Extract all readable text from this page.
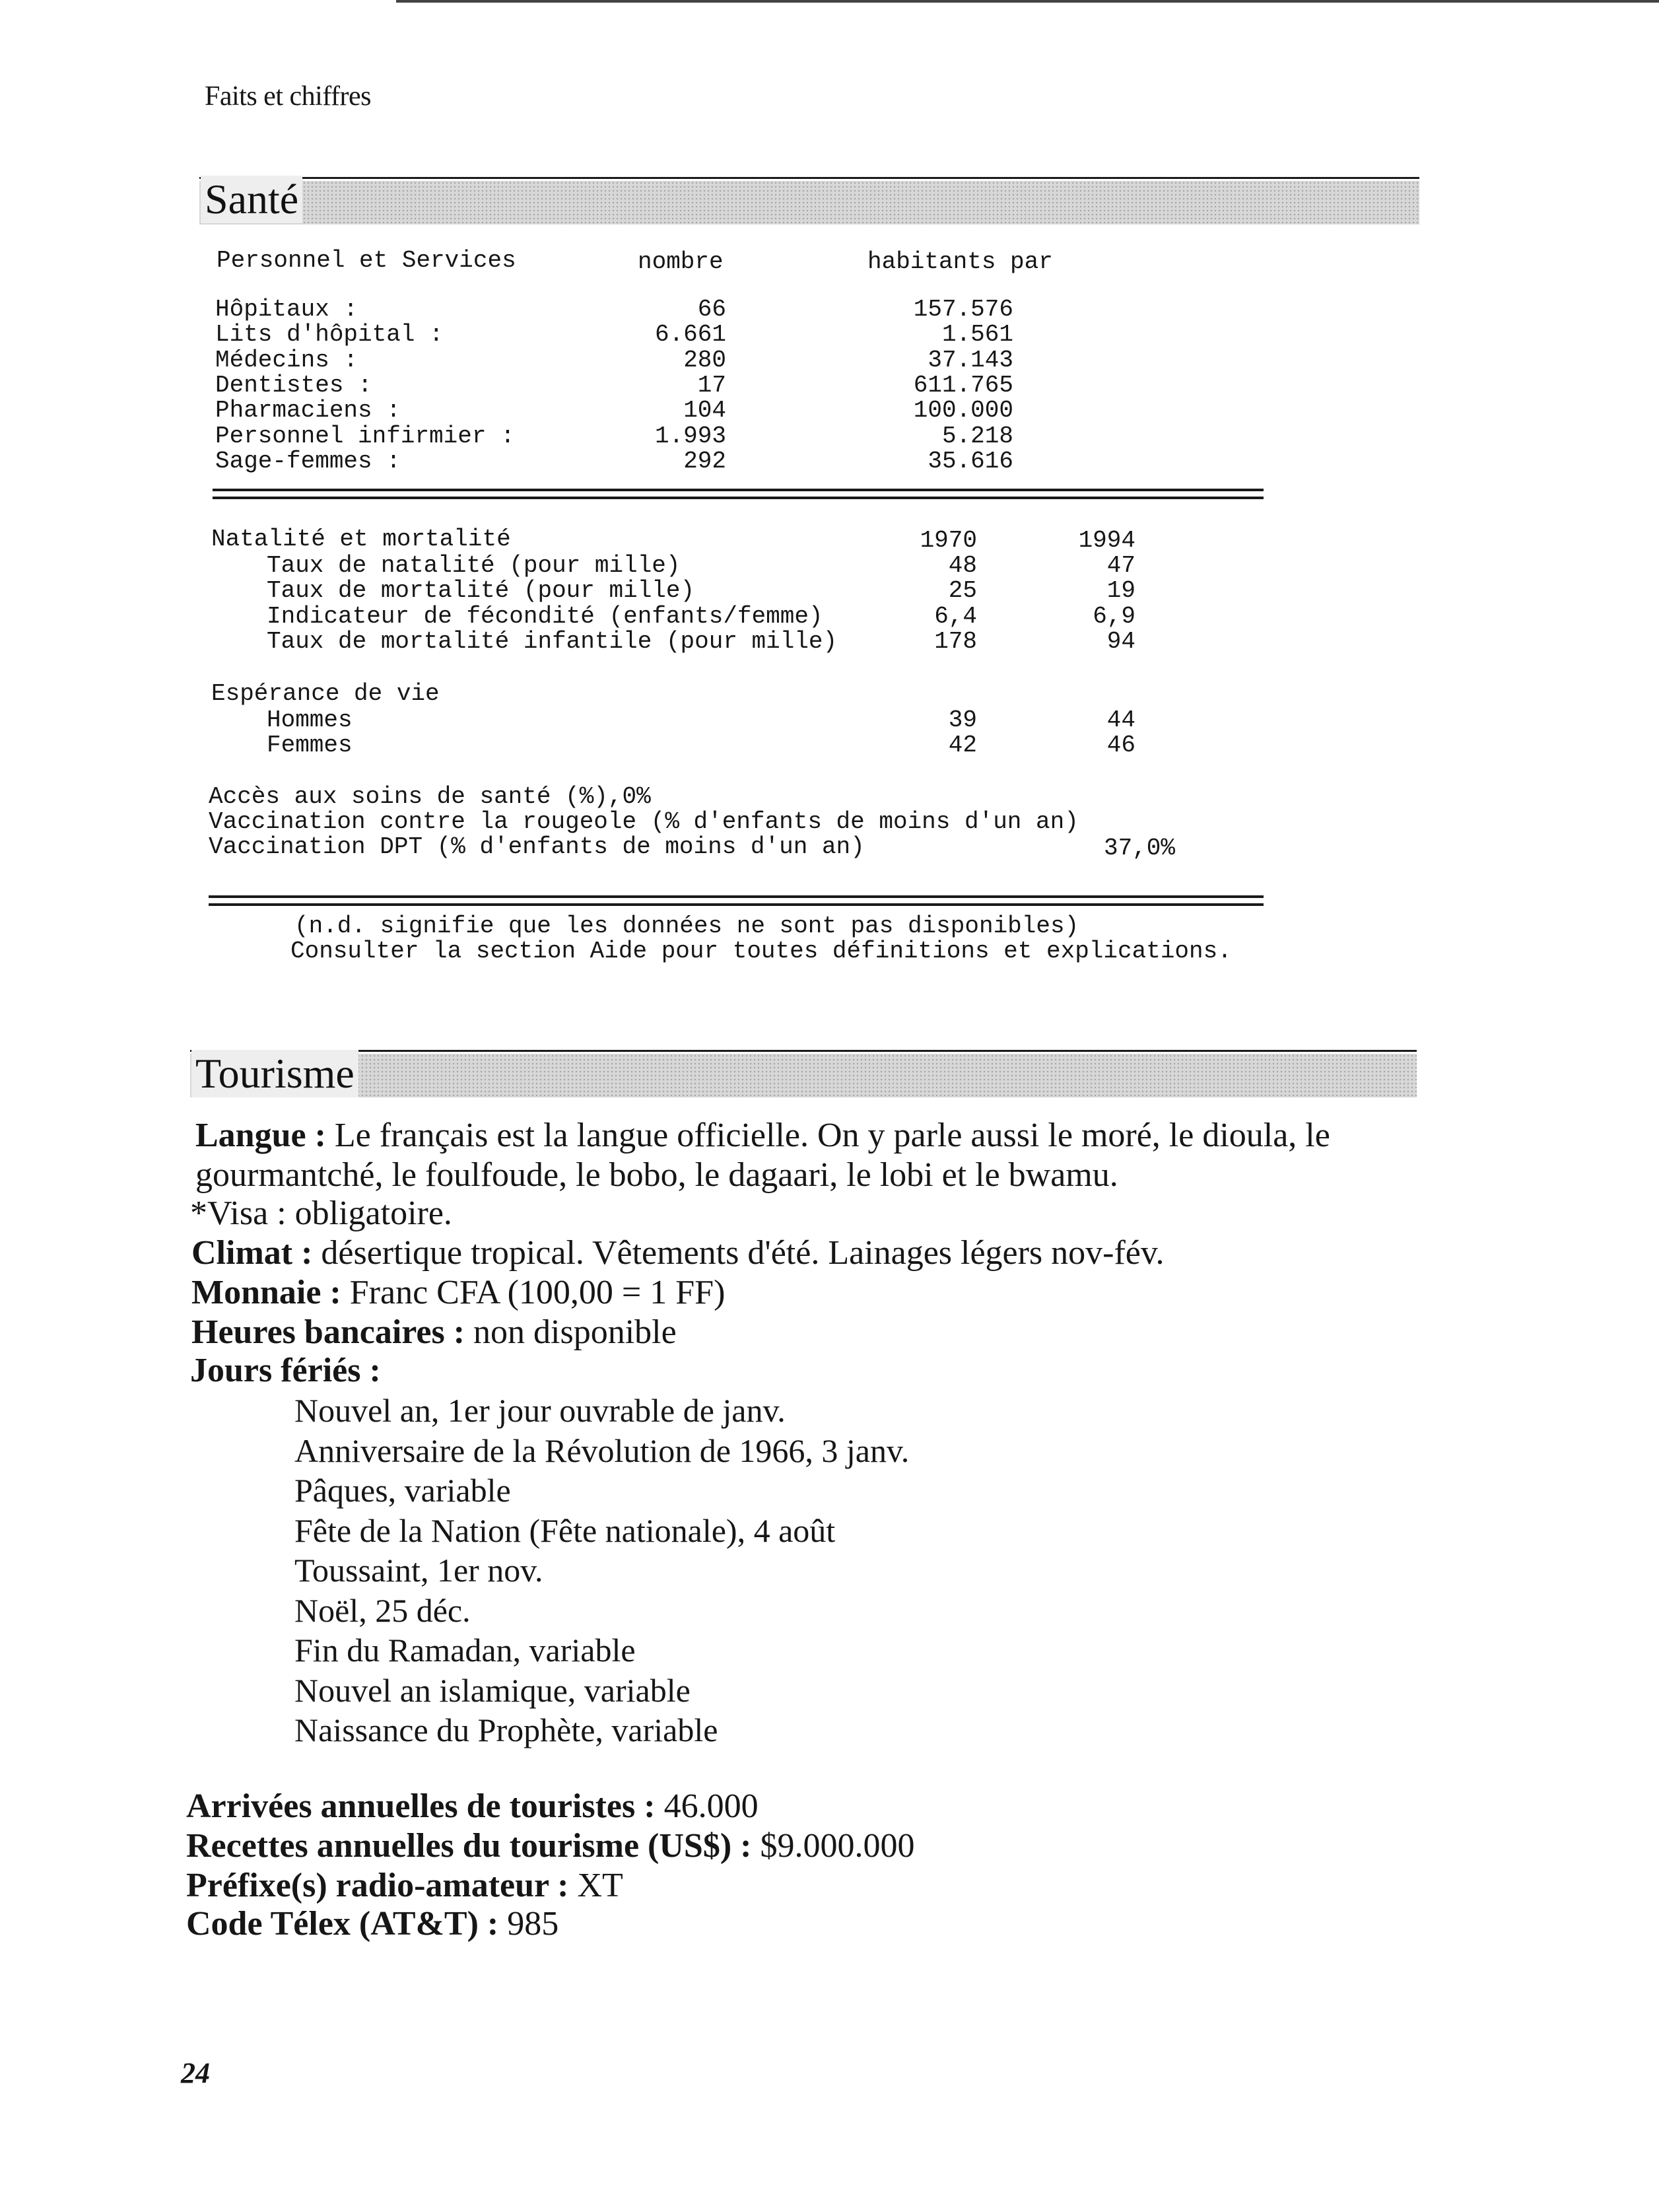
Faits et chiffres
Santé
Personnel et Services	nombre	habitants par
Hôpitaux :	66	157.576
Lits d'hôpital :	6.661	1.561
Médecins :	280	37.143
Dentistes :	17	611.765
Pharmaciens :	104	100.000
Personnel infirmier :	1.993	5.218
Sage-femmes :	292	35.616
Natalité et mortalité	1970	1994
Taux de natalité (pour mille)	48	47
Taux de mortalité (pour mille)	25	19
Indicateur de fécondité (enfants/femme)	6,4	6,9
Taux de mortalité infantile (pour mille)	178	94
Espérance de vie
Hommes	39	44
Femmes	42	46
Accès aux soins de santé (%),0%
Vaccination contre la rougeole (% d'enfants de moins d'un an)
Vaccination DPT (% d'enfants de moins d'un an)	37,0%
(n.d. signifie que les données ne sont pas disponibles)
Consulter la section Aide pour toutes définitions et explications.
Tourisme
Langue : Le français est la langue officielle. On y parle aussi le moré, le dioula, le
gourmantché, le foulfoude, le bobo, le dagaari, le lobi et le bwamu.
*Visa : obligatoire.
Climat : désertique tropical. Vêtements d'été. Lainages légers nov-fév.
Monnaie : Franc CFA (100,00 = 1 FF)
Heures bancaires : non disponible
Jours fériés :
Nouvel an, 1er jour ouvrable de janv.
Anniversaire de la Révolution de 1966, 3 janv.
Pâques, variable
Fête de la Nation (Fête nationale), 4 août
Toussaint, 1er nov.
Noël, 25 déc.
Fin du Ramadan, variable
Nouvel an islamique, variable
Naissance du Prophète, variable
Arrivées annuelles de touristes : 46.000
Recettes annuelles du tourisme (US$) : $9.000.000
Préfixe(s) radio-amateur : XT
Code Télex (AT&T) : 985
24
